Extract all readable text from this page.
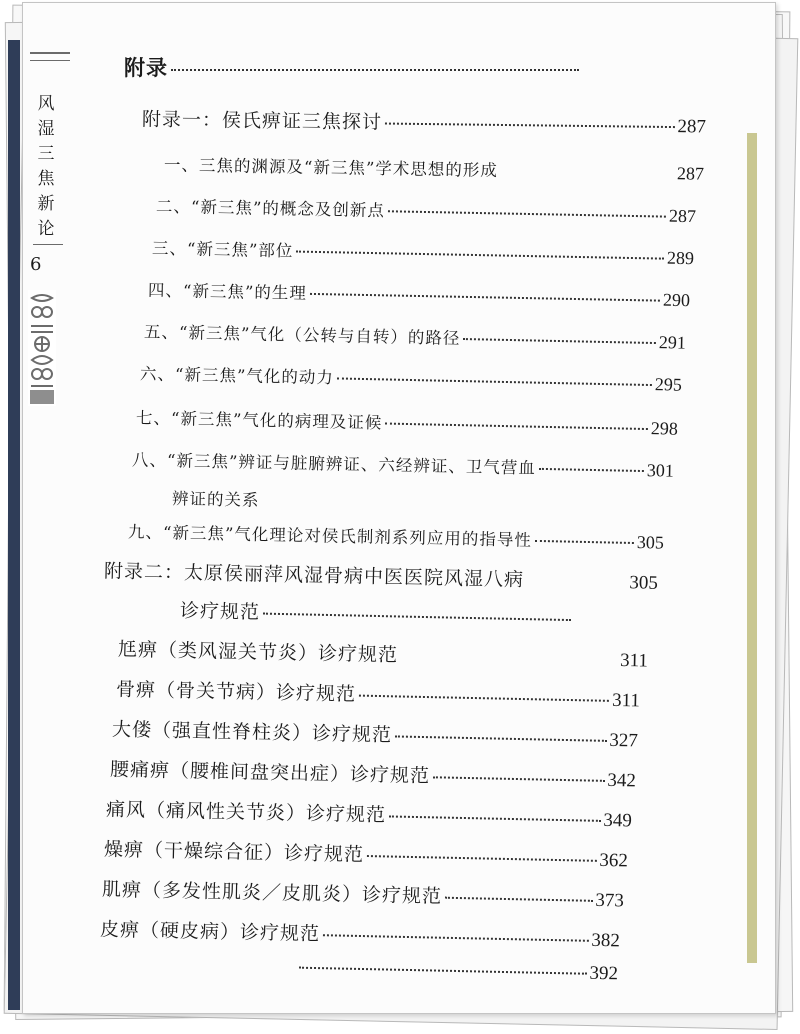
风
湿
三
焦
新
论
6
附录
附录一：侯氏痹证三焦探讨	287
一、三焦的渊源及“新三焦”学术思想的形成	287
二、“新三焦”的概念及创新点	287
三、“新三焦”部位	289
四、“新三焦”的生理	290
五、“新三焦”气化（公转与自转）的路径	291
六、“新三焦”气化的动力	295
七、“新三焦”气化的病理及证候	298
八、“新三焦”辨证与脏腑辨证、六经辨证、卫气营血	301
辨证的关系
九、“新三焦”气化理论对侯氏制剂系列应用的指导性	305
附录二：太原侯丽萍风湿骨病中医医院风湿八病	305
诊疗规范
尪痹（类风湿关节炎）诊疗规范	311
骨痹（骨关节病）诊疗规范	311
大偻（强直性脊柱炎）诊疗规范	327
腰痛痹（腰椎间盘突出症）诊疗规范	342
痛风（痛风性关节炎）诊疗规范	349
燥痹（干燥综合征）诊疗规范	362
肌痹（多发性肌炎／皮肌炎）诊疗规范	373
皮痹（硬皮病）诊疗规范	382
392
